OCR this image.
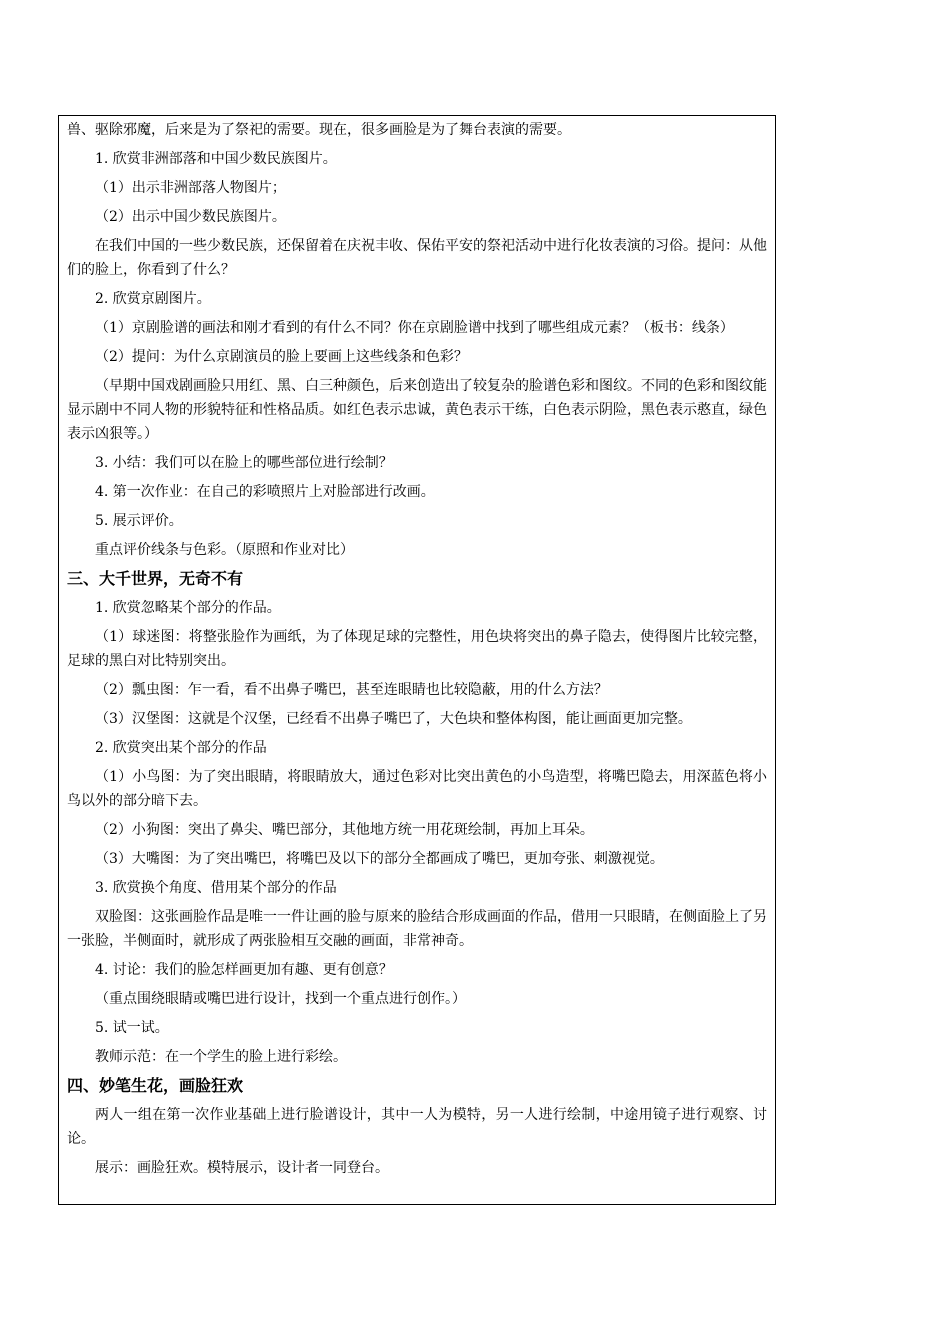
兽、驱除邪魔，后来是为了祭祀的需要。现在，很多画脸是为了舞台表演的需要。
1. 欣赏非洲部落和中国少数民族图片。
（1）出示非洲部落人物图片；
（2）出示中国少数民族图片。
在我们中国的一些少数民族，还保留着在庆祝丰收、保佑平安的祭祀活动中进行化妆表演的习俗。提问：从他们的脸上，你看到了什么？
2. 欣赏京剧图片。
（1）京剧脸谱的画法和刚才看到的有什么不同？你在京剧脸谱中找到了哪些组成元素？（板书：线条）
（2）提问：为什么京剧演员的脸上要画上这些线条和色彩？
（早期中国戏剧画脸只用红、黑、白三种颜色，后来创造出了较复杂的脸谱色彩和图纹。不同的色彩和图纹能显示剧中不同人物的形貌特征和性格品质。如红色表示忠诚，黄色表示干练，白色表示阴险，黑色表示憨直，绿色表示凶狠等。）
3. 小结：我们可以在脸上的哪些部位进行绘制？
4. 第一次作业：在自己的彩喷照片上对脸部进行改画。
5. 展示评价。
重点评价线条与色彩。（原照和作业对比）
三、大千世界，无奇不有
1. 欣赏忽略某个部分的作品。
（1）球迷图：将整张脸作为画纸，为了体现足球的完整性，用色块将突出的鼻子隐去，使得图片比较完整，足球的黑白对比特别突出。
（2）瓢虫图：乍一看，看不出鼻子嘴巴，甚至连眼睛也比较隐蔽，用的什么方法？
（3）汉堡图：这就是个汉堡，已经看不出鼻子嘴巴了，大色块和整体构图，能让画面更加完整。
2. 欣赏突出某个部分的作品
（1）小鸟图：为了突出眼睛，将眼睛放大，通过色彩对比突出黄色的小鸟造型，将嘴巴隐去，用深蓝色将小鸟以外的部分暗下去。
（2）小狗图：突出了鼻尖、嘴巴部分，其他地方统一用花斑绘制，再加上耳朵。
（3）大嘴图：为了突出嘴巴，将嘴巴及以下的部分全都画成了嘴巴，更加夸张、刺激视觉。
3. 欣赏换个角度、借用某个部分的作品
双脸图：这张画脸作品是唯一一件让画的脸与原来的脸结合形成画面的作品，借用一只眼睛，在侧面脸上了另一张脸，半侧面时，就形成了两张脸相互交融的画面，非常神奇。
4. 讨论：我们的脸怎样画更加有趣、更有创意？
（重点围绕眼睛或嘴巴进行设计，找到一个重点进行创作。）
5. 试一试。
教师示范：在一个学生的脸上进行彩绘。
四、妙笔生花，画脸狂欢
两人一组在第一次作业基础上进行脸谱设计，其中一人为模特，另一人进行绘制，中途用镜子进行观察、讨论。
展示：画脸狂欢。模特展示，设计者一同登台。
